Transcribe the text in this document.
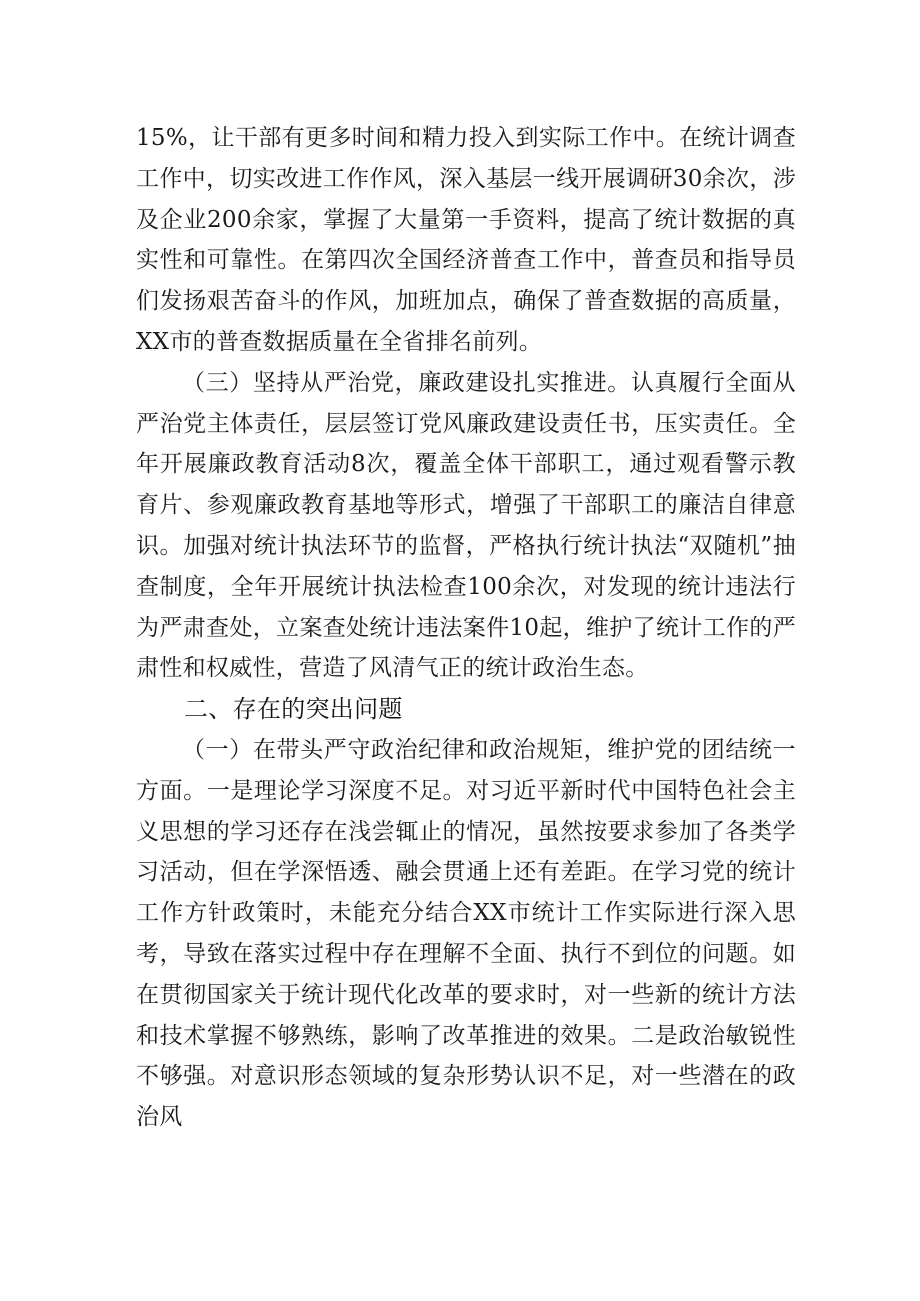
15%，让干部有更多时间和精力投入到实际工作中。在统计调查工作中，切实改进工作作风，深入基层一线开展调研30余次，涉及企业200余家，掌握了大量第一手资料，提高了统计数据的真实性和可靠性。在第四次全国经济普查工作中，普查员和指导员们发扬艰苦奋斗的作风，加班加点，确保了普查数据的高质量，XX市的普查数据质量在全省排名前列。

（三）坚持从严治党，廉政建设扎实推进。认真履行全面从严治党主体责任，层层签订党风廉政建设责任书，压实责任。全年开展廉政教育活动8次，覆盖全体干部职工，通过观看警示教育片、参观廉政教育基地等形式，增强了干部职工的廉洁自律意识。加强对统计执法环节的监督，严格执行统计执法“双随机”抽查制度，全年开展统计执法检查100余次，对发现的统计违法行为严肃查处，立案查处统计违法案件10起，维护了统计工作的严肃性和权威性，营造了风清气正的统计政治生态。

二、存在的突出问题

（一）在带头严守政治纪律和政治规矩，维护党的团结统一方面。一是理论学习深度不足。对习近平新时代中国特色社会主义思想的学习还存在浅尝辄止的情况，虽然按要求参加了各类学习活动，但在学深悟透、融会贯通上还有差距。在学习党的统计工作方针政策时，未能充分结合XX市统计工作实际进行深入思考，导致在落实过程中存在理解不全面、执行不到位的问题。如在贯彻国家关于统计现代化改革的要求时，对一些新的统计方法和技术掌握不够熟练，影响了改革推进的效果。二是政治敏锐性不够强。对意识形态领域的复杂形势认识不足，对一些潜在的政治风
